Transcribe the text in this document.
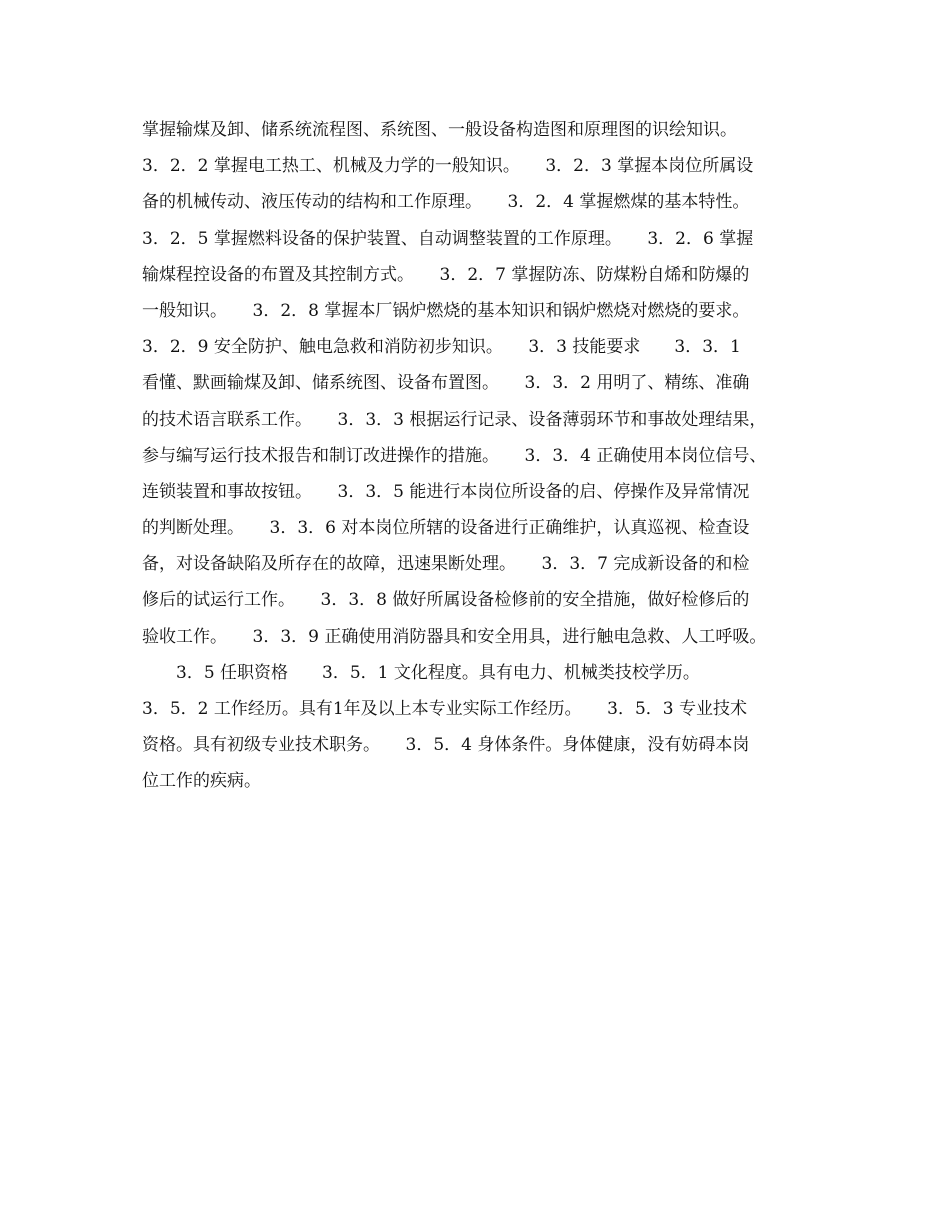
掌握输煤及卸、储系统流程图、系统图、一般设备构造图和原理图的识绘知识。
3．2．2 掌握电工热工、机械及力学的一般知识。　　3．2．3 掌握本岗位所属设
备的机械传动、液压传动的结构和工作原理。　　3．2．4 掌握燃煤的基本特性。
3．2．5 掌握燃料设备的保护装置、自动调整装置的工作原理。　　3．2．6 掌握
输煤程控设备的布置及其控制方式。　　3．2．7 掌握防冻、防煤粉自烯和防爆的
一般知识。　　3．2．8 掌握本厂锅炉燃烧的基本知识和锅炉燃烧对燃烧的要求。
3．2．9 安全防护、触电急救和消防初步知识。　　3．3 技能要求　　3．3．1
看懂、默画输煤及卸、储系统图、设备布置图。　　3．3．2 用明了、精练、准确
的技术语言联系工作。　　3．3．3 根据运行记录、设备薄弱环节和事故处理结果，
参与编写运行技术报告和制订改进操作的措施。　　3．3．4 正确使用本岗位信号、
连锁装置和事故按钮。　　3．3．5 能进行本岗位所设备的启、停操作及异常情况
的判断处理。　　3．3．6 对本岗位所辖的设备进行正确维护，认真巡视、检查设
备，对设备缺陷及所存在的故障，迅速果断处理。　　3．3．7 完成新设备的和检
修后的试运行工作。　　3．3．8 做好所属设备检修前的安全措施，做好检修后的
验收工作。　　3．3．9 正确使用消防器具和安全用具，进行触电急救、人工呼吸。
　　3．5 任职资格　　3．5．1 文化程度。具有电力、机械类技校学历。
3．5．2 工作经历。具有1年及以上本专业实际工作经历。　　3．5．3 专业技术
资格。具有初级专业技术职务。　　3．5．4 身体条件。身体健康，没有妨碍本岗
位工作的疾病。
